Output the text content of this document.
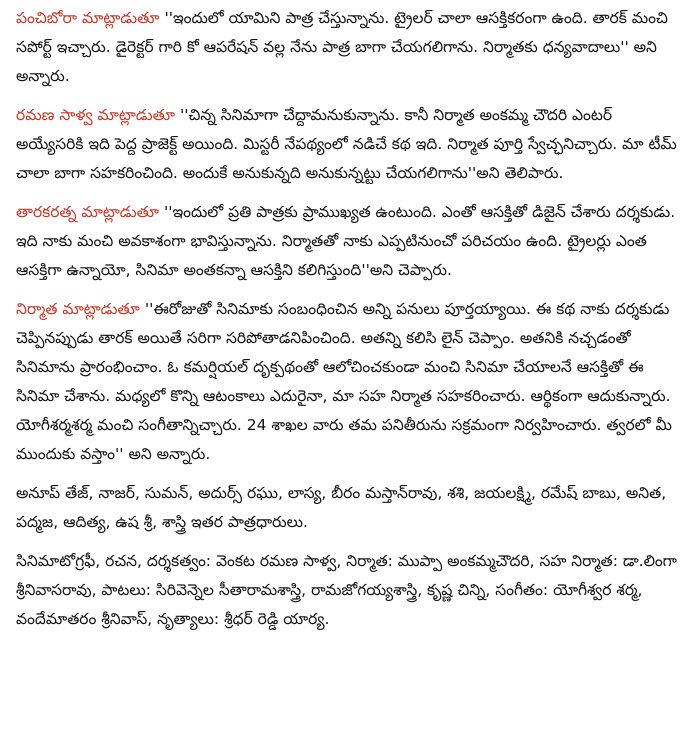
పంచిబోరా మాట్లాడుతూ ''ఇందులో యామిని పాత్ర చేస్తున్నాను. ట్రైలర్ చాలా ఆసక్తికరంగా ఉంది. తారక్ మంచి సపోర్ట్ ఇచ్చారు. డైరెక్టర్ గారి కో ఆపరేషన్ వల్ల నేను పాత్ర బాగా చేయగలిగాను. నిర్మాతకు ధన్యవాదాలు'' అని అన్నారు.

రమణ సాళ్వ మాట్లాడుతూ ''చిన్న సినిమాగా చేద్దామనుకున్నాను. కానీ నిర్మాత అంకమ్మ చౌదరి ఎంటర్ అయ్యేసరికి ఇది పెద్ద ప్రాజెక్ట్ అయింది. మిస్టరీ నేపథ్యంలో నడిచే కథ ఇది. నిర్మాత పూర్తి స్వేచ్ఛనిచ్చారు. మా టీమ్ చాలా బాగా సహకరించింది. అందుకే అనుకున్నది అనుకున్నట్టు చేయగలిగాను''అని తెలిపారు.

తారకరత్న మాట్లాడుతూ ''ఇందులో ప్రతి పాత్రకు ప్రాముఖ్యత ఉంటుంది. ఎంతో ఆసక్తితో డిజైన్ చేశారు దర్శకుడు. ఇది నాకు మంచి అవకాశంగా భావిస్తున్నాను. నిర్మాతతో నాకు ఎప్పటినుంచో పరిచయం ఉంది. ట్రైలర్లు ఎంత ఆసక్తిగా ఉన్నాయో, సినిమా అంతకన్నా ఆసక్తిని కలిగిస్తుంది''అని చెప్పారు.

నిర్మాత మాట్లాడుతూ ''ఈరోజుతో సినిమాకు సంబంధించిన అన్ని పనులు పూర్తయ్యాయి. ఈ కథ నాకు దర్శకుడు చెప్పినప్పుడు తారక్ అయితే సరిగా సరిపోతాడనిపించింది. అతన్ని కలిసి లైన్ చెప్పాం. అతనికి నచ్చడంతో సినిమాను ప్రారంభించాం. ఓ కమర్షియల్ దృక్పథంతో ఆలోచించకుండా మంచి సినిమా చేయాలనే ఆసక్తితో ఈ సినిమా చేశాను. మధ్యలో కొన్ని ఆటంకాలు ఎదురైనా, మా సహ నిర్మాత సహకరించారు. ఆర్థికంగా ఆదుకున్నారు. యోగీశర్మశర్మ మంచి సంగీతాన్నిచ్చారు. 24 శాఖల వారు తమ పనితీరును సక్రమంగా నిర్వహించారు. త్వరలో మీ ముందుకు వస్తాం'' అని అన్నారు.

అనూప్ తేజ్, నాజర్, సుమన్, అదుర్స్ రఘు, లాస్య, బీరం మస్తాన్‌రావు, శశి, జయలక్ష్మి, రమేష్ బాబు, అనిత, పద్మజ, ఆదిత్య, ఉష శ్రీ, శాస్త్రి ఇతర పాత్రధారులు.

సినిమాటోగ్రఫీ, రచన, దర్శకత్వం: వెంకట రమణ సాళ్వ, నిర్మాత: ముప్పా అంకమ్మచౌదరి, సహ నిర్మాత: డా.లింగా శ్రీనివాసరావు, పాటలు: సిరివెన్నెల సీతారామశాస్త్రి, రామజోగయ్యశాస్త్రి, కృష్ణ చిన్ని, సంగీతం: యోగీశ్వర శర్మ, వందేమాతరం శ్రీనివాస్, నృత్యాలు: శ్రీధర్ రెడ్డి యార్య.
